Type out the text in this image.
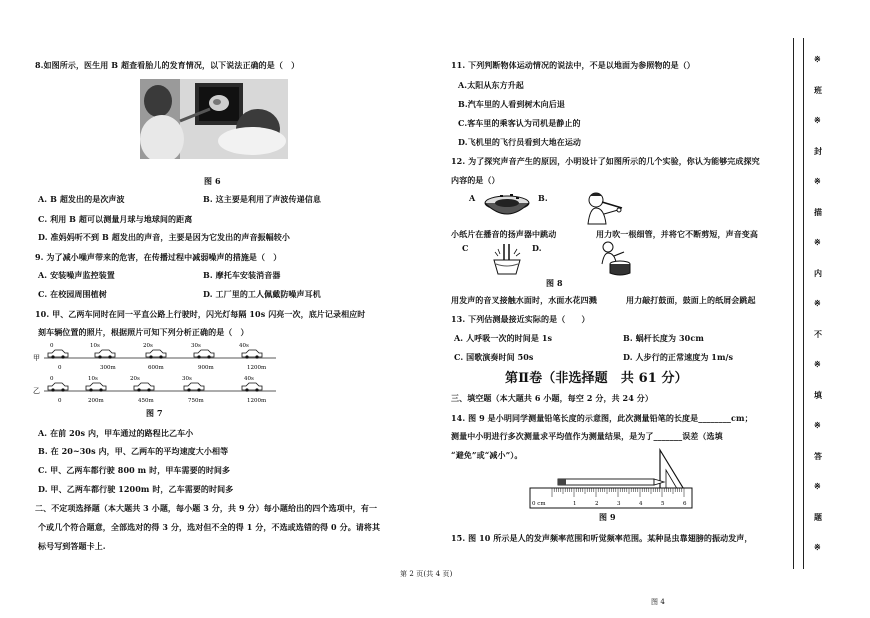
8.如图所示，医生用 B 超查看胎儿的发育情况，以下说法正确的是（　）
图 6
A. B 超发出的是次声波	B. 这主要是利用了声波传递信息
C. 利用 B 超可以测量月球与地球间的距离
D. 准妈妈听不到 B 超发出的声音，主要是因为它发出的声音振幅较小
9. 为了减小噪声带来的危害，在传播过程中减弱噪声的措施是（　）
A. 安装噪声监控装置	B. 摩托车安装消音器
C. 在校园周围植树	D. 工厂里的工人佩戴防噪声耳机
10. 甲、乙两车同时在同一平直公路上行驶时，闪光灯每隔 10s 闪亮一次，底片记录相应时
刻车辆位置的照片，根据照片可知下列分析正确的是（　）
甲
乙
10s	20s	30s	40s
0
0	300m	600m	900m	1200m
0	10s	20s	30s	40s
0	200m	450m	750m	1200m
图 7
A. 在前 20s 内，甲车通过的路程比乙车小
B. 在 20~30s 内，甲、乙两车的平均速度大小相等
C. 甲、乙两车都行驶 800 m 时，甲车需要的时间多
D. 甲、乙两车都行驶 1200m 时，乙车需要的时间多
二、不定项选择题（本大题共 3 小题，每小题 3 分，共 9 分）每小题给出的四个选项中，有一
个或几个符合题意，全部选对的得 3 分，选对但不全的得 1 分，不选或选错的得 0 分。请将其
标号写到答题卡上.
第 2 页(共 4 页)
11. 下列判断物体运动情况的说法中，不是以地面为参照物的是（）
A.太阳从东方升起
B.汽车里的人看到树木向后退
C.客车里的乘客认为司机是静止的
D.飞机里的飞行员看到大地在运动
12. 为了探究声音产生的原因，小明设计了如图所示的几个实验，你认为能够完成探究
内容的是（）
A	B.
小纸片在播音的扬声器中跳动	用力吹一根细管，并将它不断剪短，声音变高
C	D.
图 8
用发声的音叉接触水面时，水面水花四溅	用力敲打鼓面，鼓面上的纸屑会跳起
13. 下列估测最接近实际的是（　　）
A. 人呼吸一次的时间是 1s	B. 蜗杆长度为 30cm
C. 国歌演奏时间 50s	D. 人步行的正常速度为 1m/s
第Ⅱ卷（非选择题　共 61 分）
三、填空题（本大题共 6 小题，每空 2 分，共 24 分）
14. 图 9 是小明同学测量铅笔长度的示意图，此次测量铅笔的长度是________cm；
测量中小明进行多次测量求平均值作为测量结果，是为了_______误差（选填
“避免”或“减小”）。
0 cm	1	2	3	4	5	6
图 9
15. 图 10 所示是人的发声频率范围和听觉频率范围。某种昆虫靠翅膀的振动发声，
图 4
※
班
※
封
※
描
※
内
※
不
※
填
※
答
※
题
※
